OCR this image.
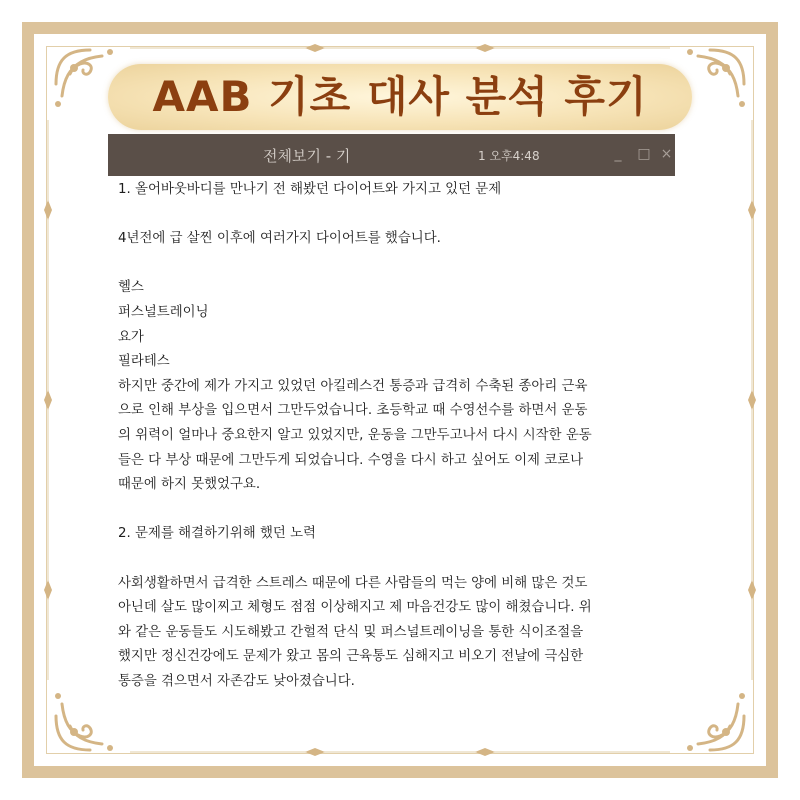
AAB 기초 대사 분석 후기
전체보기 - 기	1 오후4:48	_	□ ×
1. 올어바웃바디를 만나기 전 해봤던 다이어트와 가지고 있던 문제
4년전에 급 살찐 이후에 여러가지 다이어트를 했습니다.
헬스
퍼스널트레이닝
요가
필라테스
하지만 중간에 제가 가지고 있었던 아킬레스건 통증과 급격히 수축된 종아리 근육
으로 인해 부상을 입으면서 그만두었습니다. 초등학교 때 수영선수를 하면서 운동
의 위력이 얼마나 중요한지 알고 있었지만, 운동을 그만두고나서 다시 시작한 운동
들은 다 부상 때문에 그만두게 되었습니다. 수영을 다시 하고 싶어도 이제 코로나
때문에 하지 못했었구요.
2. 문제를 해결하기위해 했던 노력
사회생활하면서 급격한 스트레스 때문에 다른 사람들의 먹는 양에 비해 많은 것도
아닌데 살도 많이찌고 체형도 점점 이상해지고 제 마음건강도 많이 해쳤습니다. 위
와 같은 운동들도 시도해봤고 간헐적 단식 및 퍼스널트레이닝을 통한 식이조절을
했지만 정신건강에도 문제가 왔고 몸의 근육통도 심해지고 비오기 전날에 극심한
통증을 겪으면서 자존감도 낮아졌습니다.
